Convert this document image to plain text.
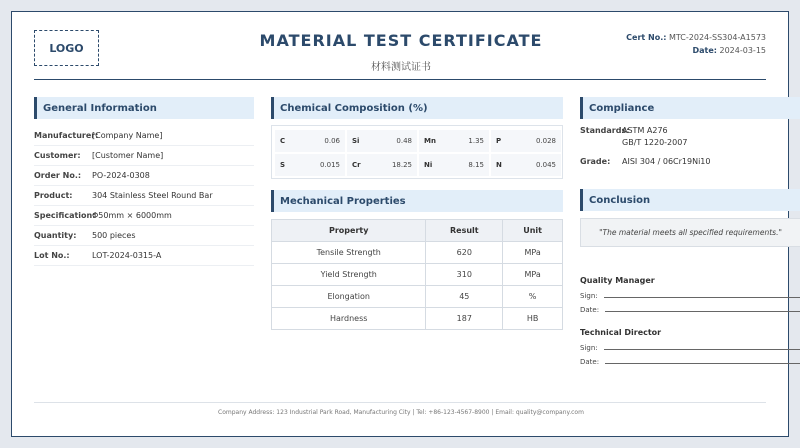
LOGO	MATERIAL TEST CERTIFICATE
材料测试证书
Cert No.: MTC-2024-SS304-A1573
Date: 2024-03-15
General Information
Manufacturer:
[Company Name]
Customer:	[Customer Name]
Order No.:	PO-2024-0308
Product:	304 Stainless Steel Round Bar
Specification:
Φ50mm × 6000mm
Quantity:	500 pieces
Lot No.:	LOT-2024-0315-A
Chemical Composition (%)
C	0.06 Si	0.48 Mn	1.35 P	0.028
S	0.015 Cr	18.25 Ni	8.15 N	0.045
Mechanical Properties
Property	Result	Unit
Tensile Strength	620	MPa
Yield Strength	310	MPa
Elongation	45	%
Hardness	187	HB
Compliance
Standards:
ASTM A276
GB/T 1220-2007
Grade:	AISI 304 / 06Cr19Ni10
Conclusion
"The material meets all specified requirements."
Quality Manager
Sign:
Date:
Technical Director
Sign:
Date:
Company Address: 123 Industrial Park Road, Manufacturing City | Tel: +86-123-4567-8900 | Email: quality@company.com
